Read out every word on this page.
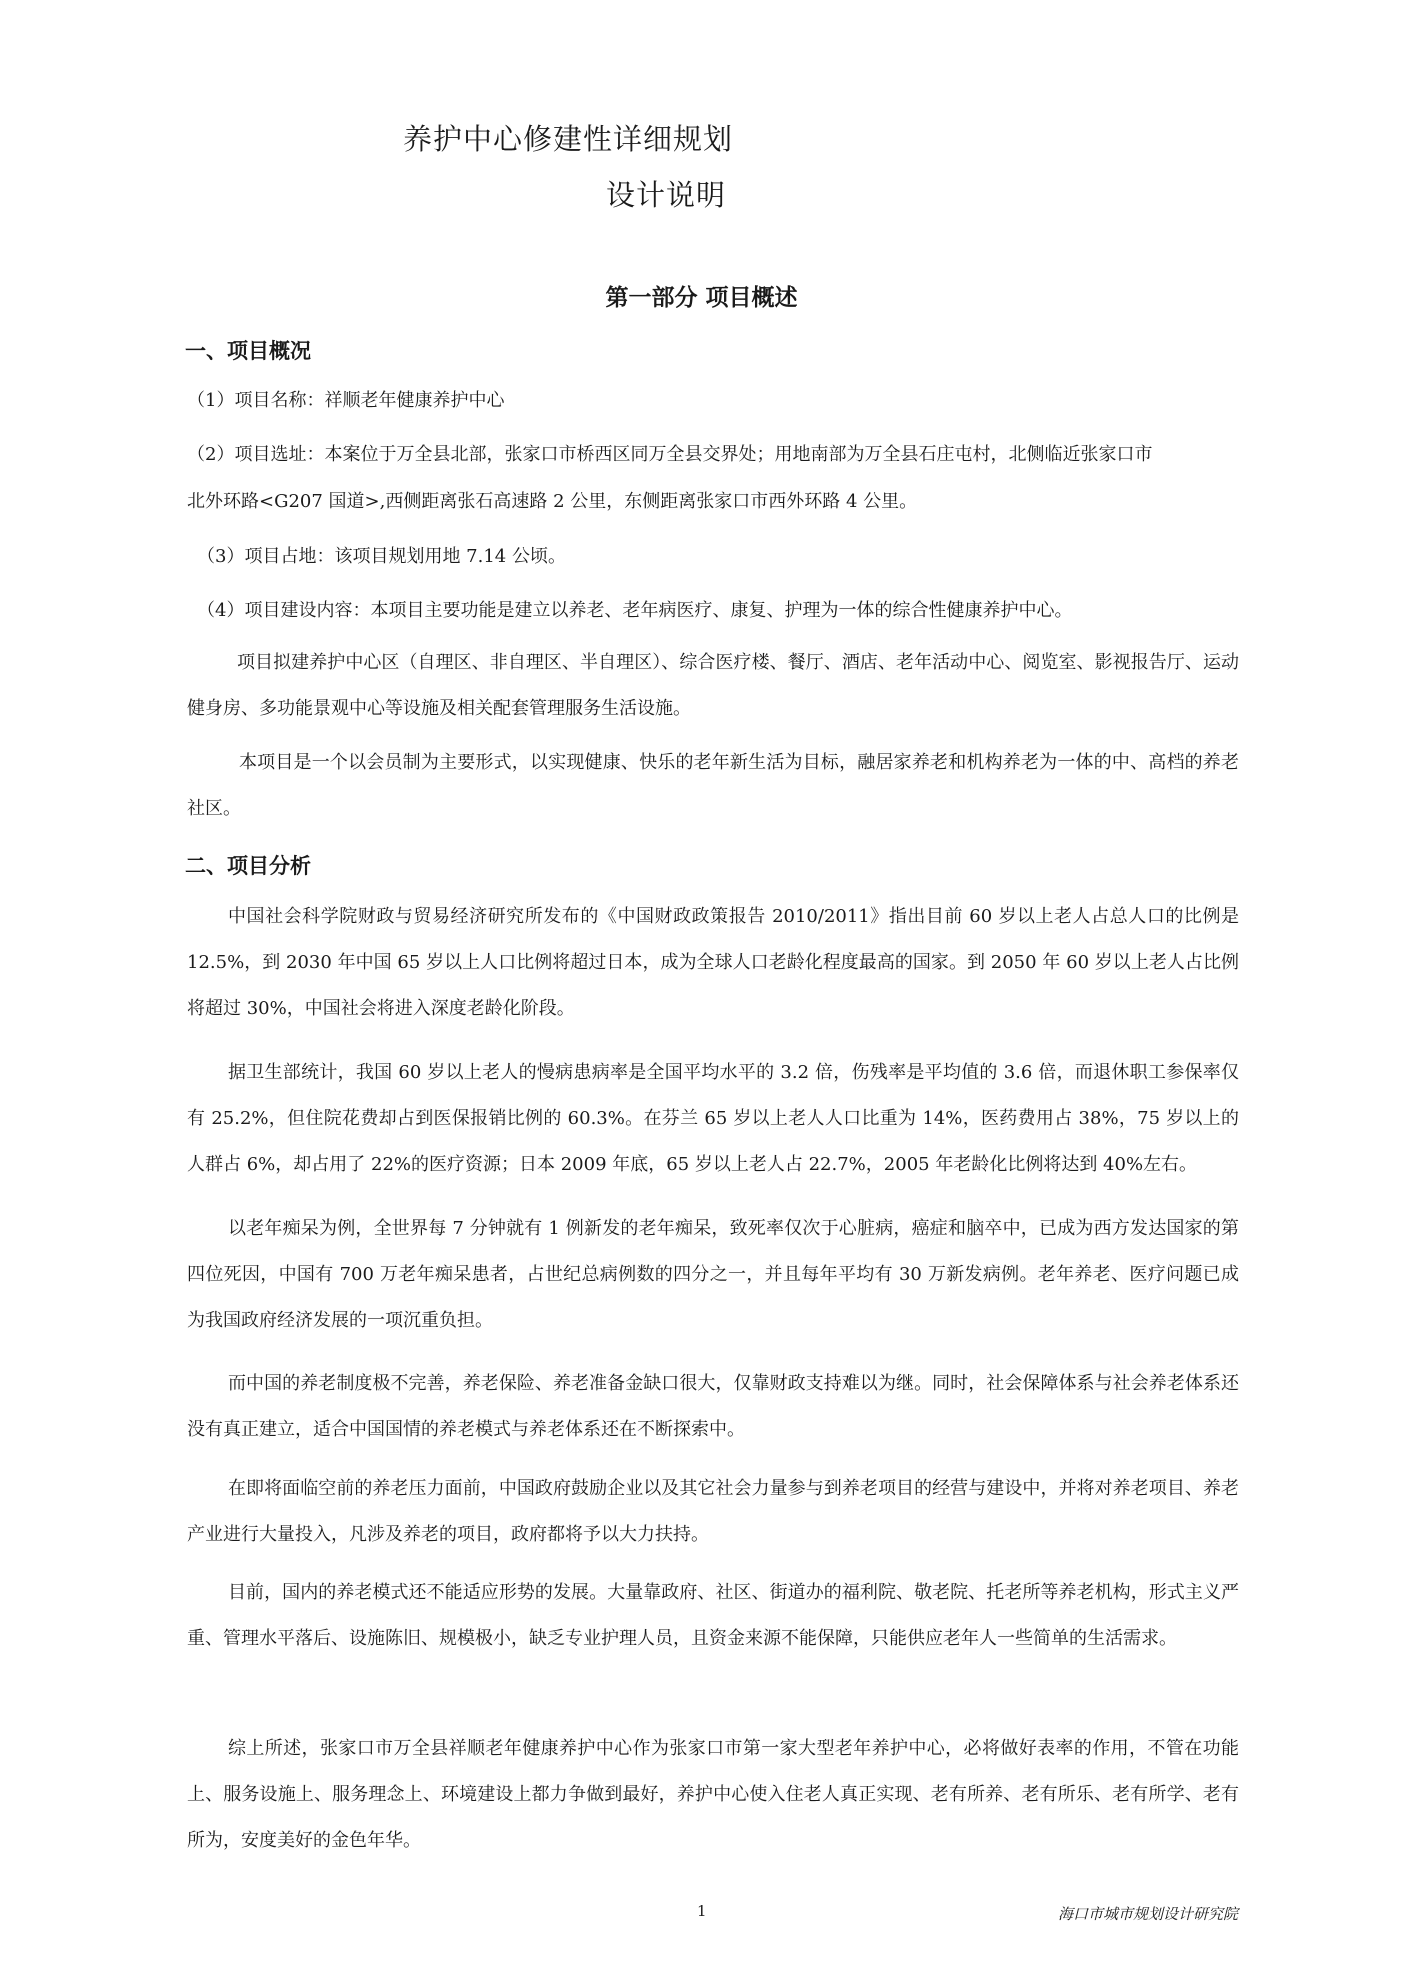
养护中心修建性详细规划
设计说明
第一部分 项目概述
一、项目概况
（1）项目名称：祥顺老年健康养护中心
（2）项目选址：本案位于万全县北部，张家口市桥西区同万全县交界处；用地南部为万全县石庄屯村，北侧临近张家口市
北外环路<G207 国道>,西侧距离张石高速路 2 公里，东侧距离张家口市西外环路 4 公里。
（3）项目占地：该项目规划用地 7.14 公顷。
（4）项目建设内容：本项目主要功能是建立以养老、老年病医疗、康复、护理为一体的综合性健康养护中心。

项目拟建养护中心区（自理区、非自理区、半自理区）、综合医疗楼、餐厅、酒店、老年活动中心、阅览室、影视报告厅、运动健身房、多功能景观中心等设施及相关配套管理服务生活设施。

本项目是一个以会员制为主要形式，以实现健康、快乐的老年新生活为目标，融居家养老和机构养老为一体的中、高档的养老社区。

二、项目分析

中国社会科学院财政与贸易经济研究所发布的《中国财政政策报告 2010/2011》指出目前 60 岁以上老人占总人口的比例是 12.5%，到 2030 年中国 65 岁以上人口比例将超过日本，成为全球人口老龄化程度最高的国家。到 2050 年 60 岁以上老人占比例将超过 30%，中国社会将进入深度老龄化阶段。

据卫生部统计，我国 60 岁以上老人的慢病患病率是全国平均水平的 3.2 倍，伤残率是平均值的 3.6 倍，而退休职工参保率仅有 25.2%，但住院花费却占到医保报销比例的 60.3%。在芬兰 65 岁以上老人人口比重为 14%，医药费用占 38%，75 岁以上的人群占 6%，却占用了 22%的医疗资源；日本 2009 年底，65 岁以上老人占 22.7%，2005 年老龄化比例将达到 40%左右。

以老年痴呆为例，全世界每 7 分钟就有 1 例新发的老年痴呆，致死率仅次于心脏病，癌症和脑卒中，已成为西方发达国家的第四位死因，中国有 700 万老年痴呆患者，占世纪总病例数的四分之一，并且每年平均有 30 万新发病例。老年养老、医疗问题已成为我国政府经济发展的一项沉重负担。

而中国的养老制度极不完善，养老保险、养老准备金缺口很大，仅靠财政支持难以为继。同时，社会保障体系与社会养老体系还没有真正建立，适合中国国情的养老模式与养老体系还在不断探索中。

在即将面临空前的养老压力面前，中国政府鼓励企业以及其它社会力量参与到养老项目的经营与建设中，并将对养老项目、养老产业进行大量投入，凡涉及养老的项目，政府都将予以大力扶持。

目前，国内的养老模式还不能适应形势的发展。大量靠政府、社区、街道办的福利院、敬老院、托老所等养老机构，形式主义严重、管理水平落后、设施陈旧、规模极小，缺乏专业护理人员，且资金来源不能保障，只能供应老年人一些简单的生活需求。

综上所述，张家口市万全县祥顺老年健康养护中心作为张家口市第一家大型老年养护中心，必将做好表率的作用，不管在功能上、服务设施上、服务理念上、环境建设上都力争做到最好，养护中心使入住老人真正实现、老有所养、老有所乐、老有所学、老有所为，安度美好的金色年华。

1	海口市城市规划设计研究院
